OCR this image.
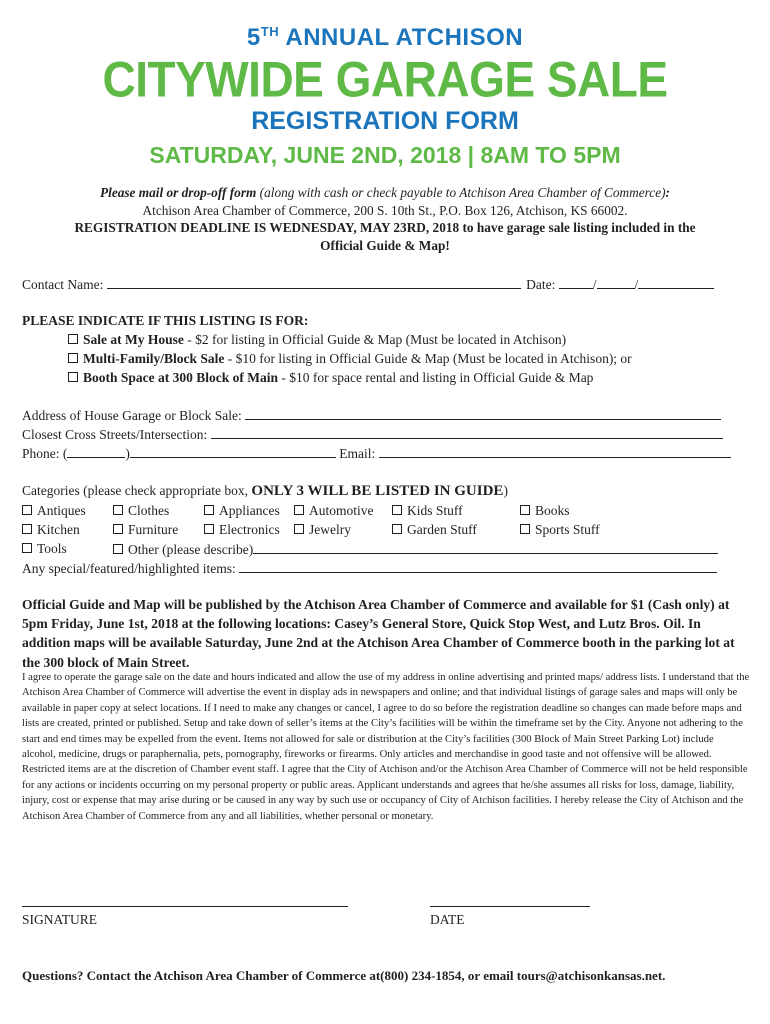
5TH ANNUAL ATCHISON
CITYWIDE GARAGE SALE
REGISTRATION FORM
SATURDAY, JUNE 2ND, 2018 | 8AM TO 5PM
Please mail or drop-off form (along with cash or check payable to Atchison Area Chamber of Commerce):
Atchison Area Chamber of Commerce, 200 S. 10th St., P.O. Box 126, Atchison, KS 66002.
REGISTRATION DEADLINE IS WEDNESDAY, MAY 23RD, 2018 to have garage sale listing included in the
Official Guide & Map!
Contact Name:	Date:	/	/
PLEASE INDICATE IF THIS LISTING IS FOR:
Sale at My House - $2 for listing in Official Guide & Map (Must be located in Atchison)
Multi-Family/Block Sale - $10 for listing in Official Guide & Map (Must be located in Atchison); or
Booth Space at 300 Block of Main - $10 for space rental and listing in Official Guide & Map
Address of House Garage or Block Sale:
Closest Cross Streets/Intersection:
Phone: (	)	Email:
Categories (please check appropriate box, ONLY 3 WILL BE LISTED IN GUIDE)
Antiques	Clothes	Appliances	Automotive	Kids Stuff	Books
Kitchen	Furniture	Electronics	Jewelry	Garden Stuff	Sports Stuff
Tools	Other (please describe)
Any special/featured/highlighted items:
Official Guide and Map will be published by the Atchison Area Chamber of Commerce and available for $1 (Cash only) at 5pm Friday, June 1st, 2018 at the following locations: Casey’s General Store, Quick Stop West, and Lutz Bros. Oil. In addition maps will be available Saturday, June 2nd at the Atchison Area Chamber of Commerce booth in the parking lot at the 300 block of Main Street.
I agree to operate the garage sale on the date and hours indicated and allow the use of my address in online advertising and printed maps/ address lists. I understand that the Atchison Area Chamber of Commerce will advertise the event in display ads in newspapers and online; and that individual listings of garage sales and maps will only be available in paper copy at select locations. If I need to make any changes or cancel, I agree to do so before the registration deadline so changes can made before maps and lists are created, printed or published. Setup and take down of seller’s items at the City’s facilities will be within the timeframe set by the City. Anyone not adhering to the start and end times may be expelled from the event. Items not allowed for sale or distribution at the City’s facilities (300 Block of Main Street Parking Lot) include alcohol, medicine, drugs or paraphernalia, pets, pornography, fireworks or firearms. Only articles and merchandise in good taste and not offensive will be allowed. Restricted items are at the discretion of Chamber event staff. I agree that the City of Atchison and/or the Atchison Area Chamber of Commerce will not be held responsible for any actions or incidents occurring on my personal property or public areas. Applicant understands and agrees that he/she assumes all risks for loss, damage, liability, injury, cost or expense that may arise during or be caused in any way by such use or occupancy of City of Atchison facilities. I hereby release the City of Atchison and the Atchison Area Chamber of Commerce from any and all liabilities, whether personal or monetary.
SIGNATURE	DATE
Questions? Contact the Atchison Area Chamber of Commerce at(800) 234-1854, or email tours@atchisonkansas.net.
